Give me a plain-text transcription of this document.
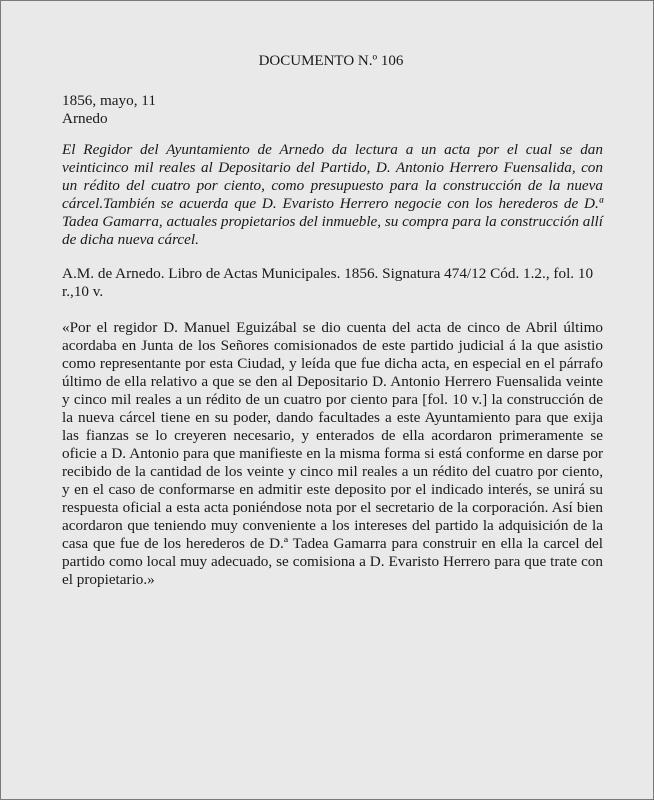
DOCUMENTO N.º 106
1856, mayo, 11
Arnedo

El Regidor del Ayuntamiento de Arnedo da lectura a un acta por el cual se dan veinticinco mil reales al Depositario del Partido, D. Antonio Herrero Fuensalida, con un rédito del cuatro por ciento, como presupuesto para la construcción de la nueva cárcel.También se acuerda que D. Evaristo Herrero negocie con los herederos de D.ª Tadea Gamarra, actuales propietarios del inmueble, su compra para la construcción allí de dicha nueva cárcel.

A.M. de Arnedo. Libro de Actas Municipales. 1856. Signatura 474/12 Cód. 1.2., fol. 10 r.,10 v.

«Por el regidor D. Manuel Eguizábal se dio cuenta del acta de cinco de Abril último acordaba en Junta de los Señores comisionados de este partido judicial á la que asistio como representante por esta Ciudad, y leída que fue dicha acta, en especial en el párrafo último de ella relativo a que se den al Depositario D. Antonio Herrero Fuensalida veinte y cinco mil reales a un rédito de un cuatro por ciento para [fol. 10 v.] la construcción de la nueva cárcel tiene en su poder, dando facultades a este Ayuntamiento para que exija las fianzas se lo creyeren necesario, y enterados de ella acordaron primeramente se oficie a D. Antonio para que manifieste en la misma forma si está conforme en darse por recibido de la cantidad de los veinte y cinco mil reales a un rédito del cuatro por ciento, y en el caso de conformarse en admitir este deposito por el indicado interés, se unirá su respuesta oficial a esta acta poniéndose nota por el secretario de la corporación. Así bien acordaron que teniendo muy conveniente a los intereses del partido la adquisición de la casa que fue de los herederos de D.ª Tadea Gamarra para construir en ella la carcel del partido como local muy adecuado, se comisiona a D. Evaristo Herrero para que trate con el propietario.»
